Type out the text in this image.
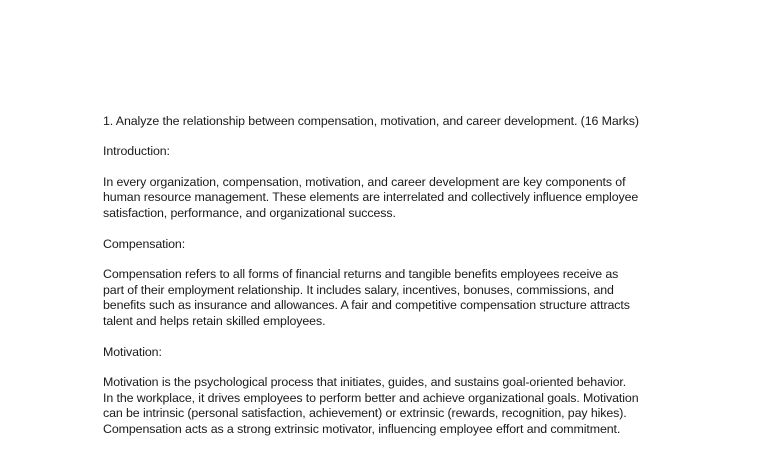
1. Analyze the relationship between compensation, motivation, and career development. (16 Marks)

Introduction:

In every organization, compensation, motivation, and career development are key components of
human resource management. These elements are interrelated and collectively influence employee
satisfaction, performance, and organizational success.

Compensation:

Compensation refers to all forms of financial returns and tangible benefits employees receive as
part of their employment relationship. It includes salary, incentives, bonuses, commissions, and
benefits such as insurance and allowances. A fair and competitive compensation structure attracts
talent and helps retain skilled employees.

Motivation:

Motivation is the psychological process that initiates, guides, and sustains goal-oriented behavior.
In the workplace, it drives employees to perform better and achieve organizational goals. Motivation
can be intrinsic (personal satisfaction, achievement) or extrinsic (rewards, recognition, pay hikes).
Compensation acts as a strong extrinsic motivator, influencing employee effort and commitment.
